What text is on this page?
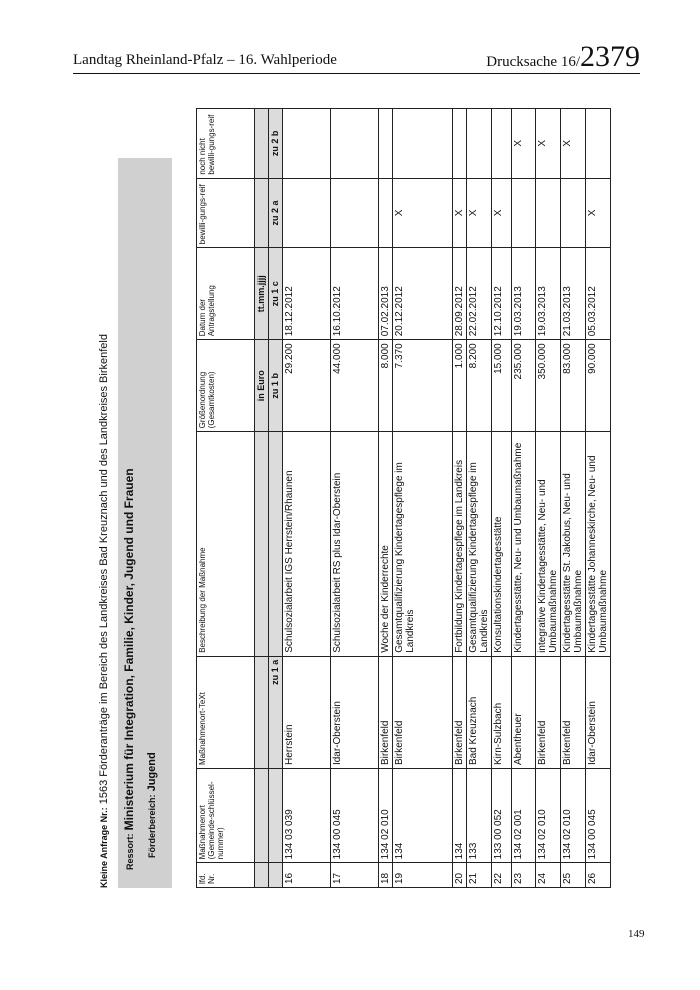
Landtag Rheinland-Pfalz – 16. Wahlperiode	Drucksache 16/2379
Kleine Anfrage Nr.: 1563 Förderanträge im Bereich des Landkreises Bad Kreuznach und des Landkreises Birkenfeld
Ressort: Ministerium für Integration, Familie, Kinder, Jugend und Frauen Förderbereich: Jugend
lfd. Nr.	Maßnahmenort (Gemeinde-schlüssel-nummer)	Maßnahmenort-TeXt	Beschreibung der Maßnahme	Größenordnung (Gesamtkosten)	Datum der Antragstellung	bewilli-gungs-reif	noch nicht bewilli-gungs-reif
				in Euro	tt.mm.jjjj		
		zu 1 a		zu 1 b	zu 1 c	zu 2 a	zu 2 b
16	134 03 039	Herrstein	Schulsozialarbeit IGS Herrstein/Rhaunen	29.200	18.12.2012		
17	134 00 045	Idar-Oberstein	Schulsozialarbeit RS plus Idar-Oberstein	44.000	16.10.2012		
18	134 02 010	Birkenfeld	Woche der Kinderrechte	8.000	07.02.2013		
19	134	Birkenfeld	Gesamtqualifizierung Kindertagespflege im Landkreis	7.370	20.12.2012	X	
20	134	Birkenfeld	Fortbildung Kindertagespflege im Landkreis	1.000	28.09.2012	X	
21	133	Bad Kreuznach	Gesamtqualifizierung Kindertagespflege im Landkreis	8.200	22.02.2012	X	
22	133 00 052	Kirn-Sulzbach	Konsultationskindertagesstätte	15.000	12.10.2012	X	
23	134 02 001	Abentheuer	Kindertagesstätte, Neu- und Umbaumaßnahme	235.000	19.03.2013		X
24	134 02 010	Birkenfeld	integrative Kindertagesstätte, Neu- und Umbaumaßnahme	350.000	19.03.2013		X
25	134 02 010	Birkenfeld	Kindertagesstätte St. Jakobus, Neu- und Umbaumaßnahme	83.000	21.03.2013		X
26	134 00 045	Idar-Oberstein	Kindertagesstätte Johanneskirche, Neu- und Umbaumaßnahme	90.000	05.03.2012	X	
149
